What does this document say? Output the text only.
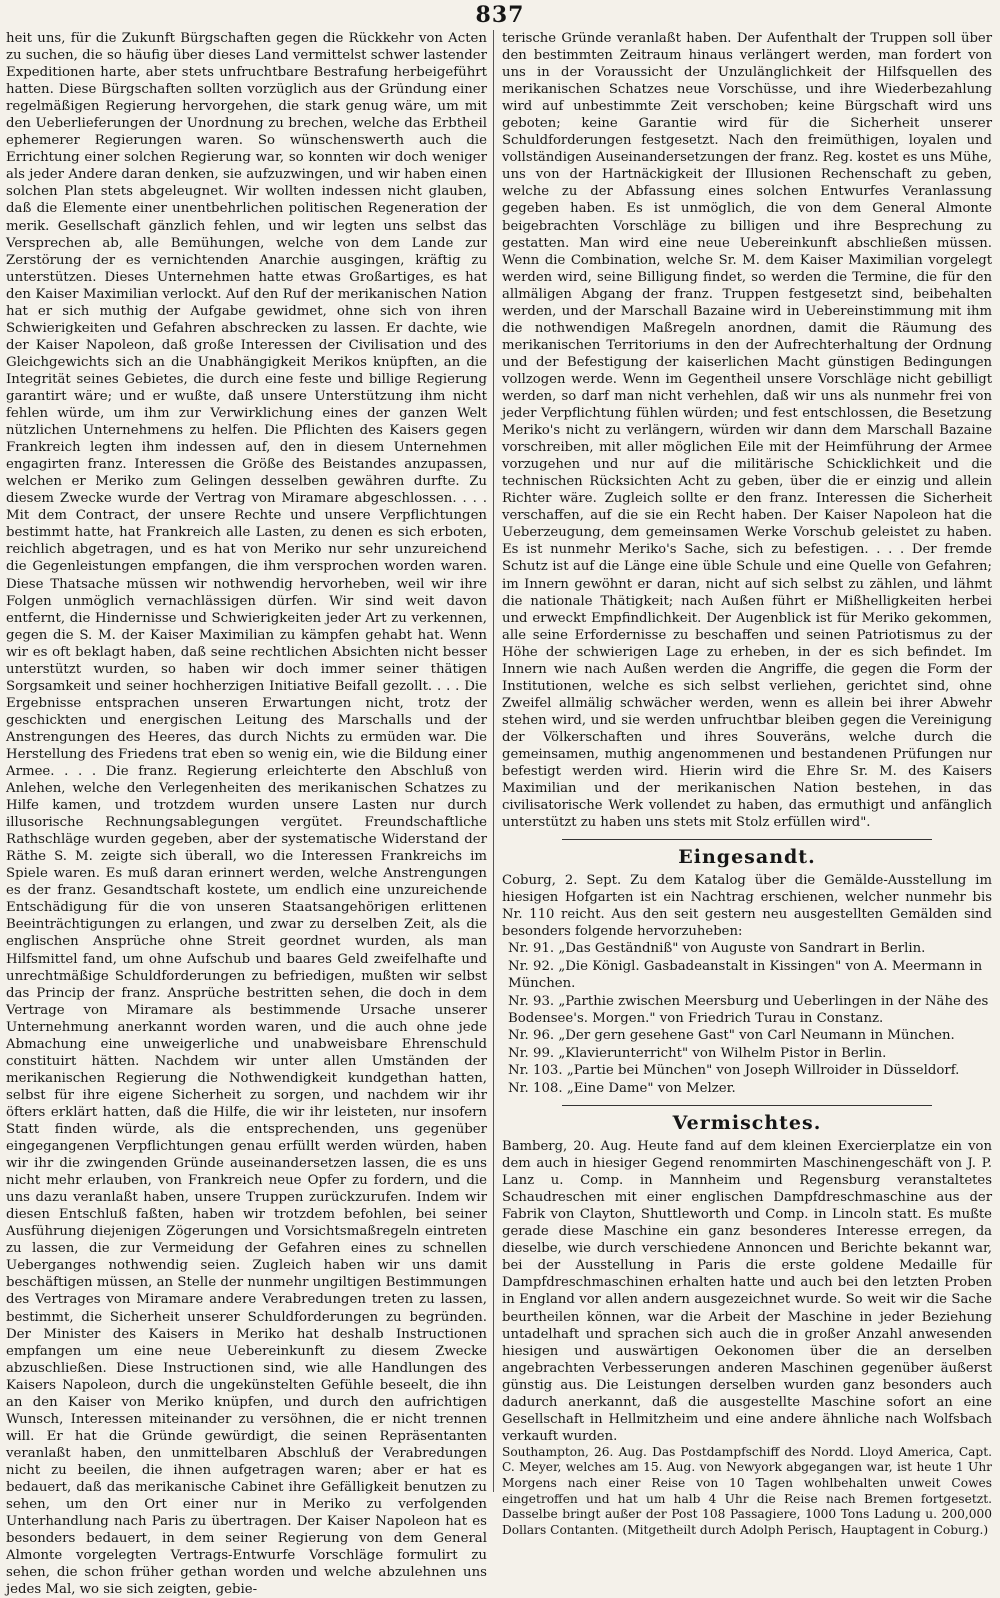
837

heit uns, für die Zukunft Bürgschaften gegen die Rückkehr von Acten zu suchen, die so häufig über dieses Land vermittelst schwer lastender Expeditionen harte, aber stets unfruchtbare Bestrafung herbeigeführt hatten. Diese Bürgschaften sollten vorzüglich aus der Gründung einer regelmäßigen Regierung hervorgehen, die stark genug wäre, um mit den Ueberlieferungen der Unordnung zu brechen, welche das Erbtheil ephemerer Regierungen waren. So wünschenswerth auch die Errichtung einer solchen Regierung war, so konnten wir doch weniger als jeder Andere daran denken, sie aufzuzwingen, und wir haben einen solchen Plan stets abgeleugnet. Wir wollten indessen nicht glauben, daß die Elemente einer unentbehrlichen politischen Regeneration der merik. Gesellschaft gänzlich fehlen, und wir legten uns selbst das Versprechen ab, alle Bemühungen, welche von dem Lande zur Zerstörung der es vernichtenden Anarchie ausgingen, kräftig zu unterstützen. Dieses Unternehmen hatte etwas Großartiges, es hat den Kaiser Maximilian verlockt. Auf den Ruf der merikanischen Nation hat er sich muthig der Aufgabe gewidmet, ohne sich von ihren Schwierigkeiten und Gefahren abschrecken zu lassen. Er dachte, wie der Kaiser Napoleon, daß große Interessen der Civilisation und des Gleichgewichts sich an die Unabhängigkeit Merikos knüpften, an die Integrität seines Gebietes, die durch eine feste und billige Regierung garantirt wäre; und er wußte, daß unsere Unterstützung ihm nicht fehlen würde, um ihm zur Verwirklichung eines der ganzen Welt nützlichen Unternehmens zu helfen. Die Pflichten des Kaisers gegen Frankreich legten ihm indessen auf, den in diesem Unternehmen engagirten franz. Interessen die Größe des Beistandes anzupassen, welchen er Meriko zum Gelingen desselben gewähren durfte. Zu diesem Zwecke wurde der Vertrag von Miramare abgeschlossen. . . . Mit dem Contract, der unsere Rechte und unsere Verpflichtungen bestimmt hatte, hat Frankreich alle Lasten, zu denen es sich erboten, reichlich abgetragen, und es hat von Meriko nur sehr unzureichend die Gegenleistungen empfangen, die ihm versprochen worden waren. Diese Thatsache müssen wir nothwendig hervorheben, weil wir ihre Folgen unmöglich vernachlässigen dürfen. Wir sind weit davon entfernt, die Hindernisse und Schwierigkeiten jeder Art zu verkennen, gegen die S. M. der Kaiser Maximilian zu kämpfen gehabt hat. Wenn wir es oft beklagt haben, daß seine rechtlichen Absichten nicht besser unterstützt wurden, so haben wir doch immer seiner thätigen Sorgsamkeit und seiner hochherzigen Initiative Beifall gezollt. . . . Die Ergebnisse entsprachen unseren Erwartungen nicht, trotz der geschickten und energischen Leitung des Marschalls und der Anstrengungen des Heeres, das durch Nichts zu ermüden war. Die Herstellung des Friedens trat eben so wenig ein, wie die Bildung einer Armee. . . . Die franz. Regierung erleichterte den Abschluß von Anlehen, welche den Verlegenheiten des merikanischen Schatzes zu Hilfe kamen, und trotzdem wurden unsere Lasten nur durch illusorische Rechnungsablegungen vergütet. Freundschaftliche Rathschläge wurden gegeben, aber der systematische Widerstand der Räthe S. M. zeigte sich überall, wo die Interessen Frankreichs im Spiele waren. Es muß daran erinnert werden, welche Anstrengungen es der franz. Gesandtschaft kostete, um endlich eine unzureichende Entschädigung für die von unseren Staatsangehörigen erlittenen Beeinträchtigungen zu erlangen, und zwar zu derselben Zeit, als die englischen Ansprüche ohne Streit geordnet wurden, als man Hilfsmittel fand, um ohne Aufschub und baares Geld zweifelhafte und unrechtmäßige Schuldforderungen zu befriedigen, mußten wir selbst das Princip der franz. Ansprüche bestritten sehen, die doch in dem Vertrage von Miramare als bestimmende Ursache unserer Unternehmung anerkannt worden waren, und die auch ohne jede Abmachung eine unweigerliche und unabweisbare Ehrenschuld constituirt hätten. Nachdem wir unter allen Umständen der merikanischen Regierung die Nothwendigkeit kundgethan hatten, selbst für ihre eigene Sicherheit zu sorgen, und nachdem wir ihr öfters erklärt hatten, daß die Hilfe, die wir ihr leisteten, nur insofern Statt finden würde, als die entsprechenden, uns gegenüber eingegangenen Verpflichtungen genau erfüllt werden würden, haben wir ihr die zwingenden Gründe auseinandersetzen lassen, die es uns nicht mehr erlauben, von Frankreich neue Opfer zu fordern, und die uns dazu veranlaßt haben, unsere Truppen zurückzurufen. Indem wir diesen Entschluß faßten, haben wir trotzdem befohlen, bei seiner Ausführung diejenigen Zögerungen und Vorsichtsmaßregeln eintreten zu lassen, die zur Vermeidung der Gefahren eines zu schnellen Ueberganges nothwendig seien. Zugleich haben wir uns damit beschäftigen müssen, an Stelle der nunmehr ungiltigen Bestimmungen des Vertrages von Miramare andere Verabredungen treten zu lassen, bestimmt, die Sicherheit unserer Schuldforderungen zu begründen. Der Minister des Kaisers in Meriko hat deshalb Instructionen empfangen um eine neue Uebereinkunft zu diesem Zwecke abzuschließen. Diese Instructionen sind, wie alle Handlungen des Kaisers Napoleon, durch die ungekünstelten Gefühle beseelt, die ihn an den Kaiser von Meriko knüpfen, und durch den aufrichtigen Wunsch, Interessen miteinander zu versöhnen, die er nicht trennen will. Er hat die Gründe gewürdigt, die seinen Repräsentanten veranlaßt haben, den unmittelbaren Abschluß der Verabredungen nicht zu beeilen, die ihnen aufgetragen waren; aber er hat es bedauert, daß das merikanische Cabinet ihre Gefälligkeit benutzen zu sehen, um den Ort einer nur in Meriko zu verfolgenden Unterhandlung nach Paris zu übertragen. Der Kaiser Napoleon hat es besonders bedauert, in dem seiner Regierung von dem General Almonte vorgelegten Vertrags-Entwurfe Vorschläge formulirt zu sehen, die schon früher gethan worden und welche abzulehnen uns jedes Mal, wo sie sich zeigten, gebie-

terische Gründe veranlaßt haben. Der Aufenthalt der Truppen soll über den bestimmten Zeitraum hinaus verlängert werden, man fordert von uns in der Voraussicht der Unzulänglichkeit der Hilfsquellen des merikanischen Schatzes neue Vorschüsse, und ihre Wiederbezahlung wird auf unbestimmte Zeit verschoben; keine Bürgschaft wird uns geboten; keine Garantie wird für die Sicherheit unserer Schuldforderungen festgesetzt. Nach den freimüthigen, loyalen und vollständigen Auseinandersetzungen der franz. Reg. kostet es uns Mühe, uns von der Hartnäckigkeit der Illusionen Rechenschaft zu geben, welche zu der Abfassung eines solchen Entwurfes Veranlassung gegeben haben. Es ist unmöglich, die von dem General Almonte beigebrachten Vorschläge zu billigen und ihre Besprechung zu gestatten. Man wird eine neue Uebereinkunft abschließen müssen. Wenn die Combination, welche Sr. M. dem Kaiser Maximilian vorgelegt werden wird, seine Billigung findet, so werden die Termine, die für den allmäligen Abgang der franz. Truppen festgesetzt sind, beibehalten werden, und der Marschall Bazaine wird in Uebereinstimmung mit ihm die nothwendigen Maßregeln anordnen, damit die Räumung des merikanischen Territoriums in den der Aufrechterhaltung der Ordnung und der Befestigung der kaiserlichen Macht günstigen Bedingungen vollzogen werde. Wenn im Gegentheil unsere Vorschläge nicht gebilligt werden, so darf man nicht verhehlen, daß wir uns als nunmehr frei von jeder Verpflichtung fühlen würden; und fest entschlossen, die Besetzung Meriko's nicht zu verlängern, würden wir dann dem Marschall Bazaine vorschreiben, mit aller möglichen Eile mit der Heimführung der Armee vorzugehen und nur auf die militärische Schicklichkeit und die technischen Rücksichten Acht zu geben, über die er einzig und allein Richter wäre. Zugleich sollte er den franz. Interessen die Sicherheit verschaffen, auf die sie ein Recht haben. Der Kaiser Napoleon hat die Ueberzeugung, dem gemeinsamen Werke Vorschub geleistet zu haben. Es ist nunmehr Meriko's Sache, sich zu befestigen. . . . Der fremde Schutz ist auf die Länge eine üble Schule und eine Quelle von Gefahren; im Innern gewöhnt er daran, nicht auf sich selbst zu zählen, und lähmt die nationale Thätigkeit; nach Außen führt er Mißhelligkeiten herbei und erweckt Empfindlichkeit. Der Augenblick ist für Meriko gekommen, alle seine Erfordernisse zu beschaffen und seinen Patriotismus zu der Höhe der schwierigen Lage zu erheben, in der es sich befindet. Im Innern wie nach Außen werden die Angriffe, die gegen die Form der Institutionen, welche es sich selbst verliehen, gerichtet sind, ohne Zweifel allmälig schwächer werden, wenn es allein bei ihrer Abwehr stehen wird, und sie werden unfruchtbar bleiben gegen die Vereinigung der Völkerschaften und ihres Souveräns, welche durch die gemeinsamen, muthig angenommenen und bestandenen Prüfungen nur befestigt werden wird. Hierin wird die Ehre Sr. M. des Kaisers Maximilian und der merikanischen Nation bestehen, in das civilisatorische Werk vollendet zu haben, das ermuthigt und anfänglich unterstützt zu haben uns stets mit Stolz erfüllen wird".

Eingesandt.

Coburg, 2. Sept. Zu dem Katalog über die Gemälde-Ausstellung im hiesigen Hofgarten ist ein Nachtrag erschienen, welcher nunmehr bis Nr. 110 reicht. Aus den seit gestern neu ausgestellten Gemälden sind besonders folgende hervorzuheben:

Nr. 91. „Das Geständniß" von Auguste von Sandrart in Berlin.
Nr. 92. „Die Königl. Gasbadeanstalt in Kissingen" von A. Meermann in München.
Nr. 93. „Parthie zwischen Meersburg und Ueberlingen in der Nähe des Bodensee's. Morgen." von Friedrich Turau in Constanz.
Nr. 96. „Der gern gesehene Gast" von Carl Neumann in München.
Nr. 99. „Klavierunterricht" von Wilhelm Pistor in Berlin.
Nr. 103. „Partie bei München" von Joseph Willroider in Düsseldorf.
Nr. 108. „Eine Dame" von Melzer.
Vermischtes.

Bamberg, 20. Aug. Heute fand auf dem kleinen Exercierplatze ein von dem auch in hiesiger Gegend renommirten Maschinengeschäft von J. P. Lanz u. Comp. in Mannheim und Regensburg veranstaltetes Schaudreschen mit einer englischen Dampfdreschmaschine aus der Fabrik von Clayton, Shuttleworth und Comp. in Lincoln statt. Es mußte gerade diese Maschine ein ganz besonderes Interesse erregen, da dieselbe, wie durch verschiedene Annoncen und Berichte bekannt war, bei der Ausstellung in Paris die erste goldene Medaille für Dampfdreschmaschinen erhalten hatte und auch bei den letzten Proben in England vor allen andern ausgezeichnet wurde. So weit wir die Sache beurtheilen können, war die Arbeit der Maschine in jeder Beziehung untadelhaft und sprachen sich auch die in großer Anzahl anwesenden hiesigen und auswärtigen Oekonomen über die an derselben angebrachten Verbesserungen anderen Maschinen gegenüber äußerst günstig aus. Die Leistungen derselben wurden ganz besonders auch dadurch anerkannt, daß die ausgestellte Maschine sofort an eine Gesellschaft in Hellmitzheim und eine andere ähnliche nach Wolfsbach verkauft wurden.

Southampton, 26. Aug. Das Postdampfschiff des Nordd. Lloyd America, Capt. C. Meyer, welches am 15. Aug. von Newyork abgegangen war, ist heute 1 Uhr Morgens nach einer Reise von 10 Tagen wohlbehalten unweit Cowes eingetroffen und hat um halb 4 Uhr die Reise nach Bremen fortgesetzt. Dasselbe bringt außer der Post 108 Passagiere, 1000 Tons Ladung u. 200,000 Dollars Contanten. (Mitgetheilt durch Adolph Perisch, Hauptagent in Coburg.)
